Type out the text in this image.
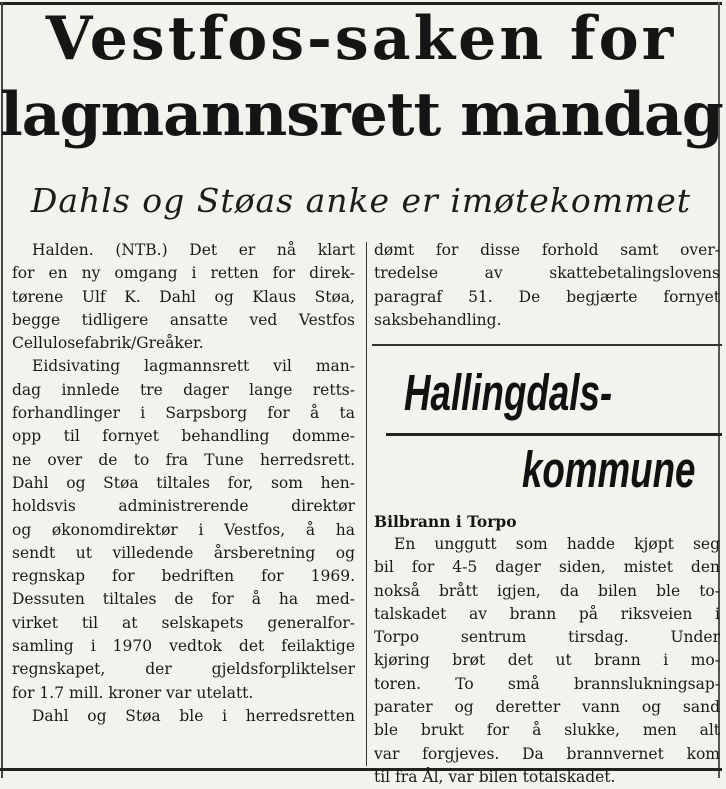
Vestfos-saken for
lagmannsrett mandag
Dahls og Støas anke er imøtekommet
Halden. (NTB.) Det er nå klart
for en ny omgang i retten for direk-
tørene Ulf K. Dahl og Klaus Støa,
begge tidligere ansatte ved Vestfos
Cellulosefabrik/Greåker.
Eidsivating lagmannsrett vil man-
dag innlede tre dager lange retts-
forhandlinger i Sarpsborg for å ta
opp til fornyet behandling domme-
ne over de to fra Tune herredsrett.
Dahl og Støa tiltales for, som hen-
holdsvis administrerende direktør
og økonomdirektør i Vestfos, å ha
sendt ut villedende årsberetning og
regnskap for bedriften for 1969.
Dessuten tiltales de for å ha med-
virket til at selskapets generalfor-
samling i 1970 vedtok det feilaktige
regnskapet, der gjeldsforpliktelser
for 1.7 mill. kroner var utelatt.
Dahl og Støa ble i herredsretten
dømt for disse forhold samt over-
tredelse av skattebetalingslovens
paragraf 51. De begjærte fornyet
saksbehandling.
Hallingdals-
kommune
Bilbrann i Torpo
En unggutt som hadde kjøpt seg
bil for 4-5 dager siden, mistet den
nokså brått igjen, da bilen ble to-
talskadet av brann på riksveien i
Torpo sentrum tirsdag. Under
kjøring brøt det ut brann i mo-
toren. To små brannslukningsap-
parater og deretter vann og sand
ble brukt for å slukke, men alt
var forgjeves. Da brannvernet kom
til fra Ål, var bilen totalskadet.
